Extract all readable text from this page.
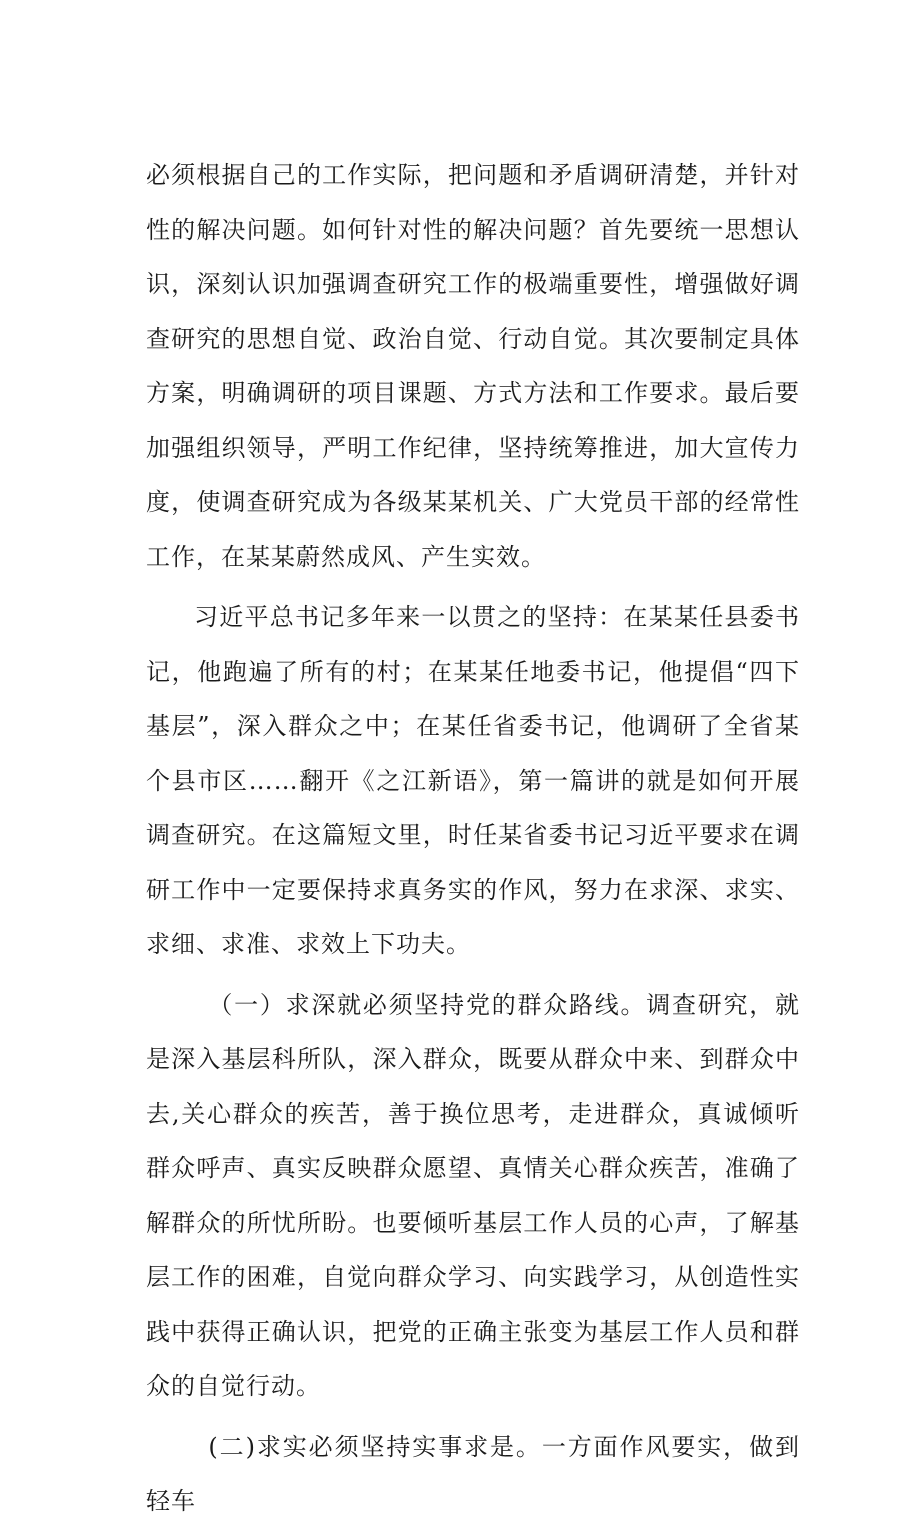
必须根据自己的工作实际，把问题和矛盾调研清楚，并针对性的解决问题。如何针对性的解决问题？首先要统一思想认识，深刻认识加强调查研究工作的极端重要性，增强做好调查研究的思想自觉、政治自觉、行动自觉。其次要制定具体方案，明确调研的项目课题、方式方法和工作要求。最后要加强组织领导，严明工作纪律，坚持统筹推进，加大宣传力度，使调查研究成为各级某某机关、广大党员干部的经常性工作，在某某蔚然成风、产生实效。

习近平总书记多年来一以贯之的坚持：在某某任县委书记，他跑遍了所有的村；在某某任地委书记，他提倡“四下基层”，深入群众之中；在某任省委书记，他调研了全省某个县市区……翻开《之江新语》，第一篇讲的就是如何开展调查研究。在这篇短文里，时任某省委书记习近平要求在调研工作中一定要保持求真务实的作风，努力在求深、求实、求细、求准、求效上下功夫。

（一）求深就必须坚持党的群众路线。调查研究，就是深入基层科所队，深入群众，既要从群众中来、到群众中去,关心群众的疾苦，善于换位思考，走进群众，真诚倾听群众呼声、真实反映群众愿望、真情关心群众疾苦，准确了解群众的所忧所盼。也要倾听基层工作人员的心声，了解基层工作的困难，自觉向群众学习、向实践学习，从创造性实践中获得正确认识，把党的正确主张变为基层工作人员和群众的自觉行动。

(二)求实必须坚持实事求是。一方面作风要实，做到轻车
